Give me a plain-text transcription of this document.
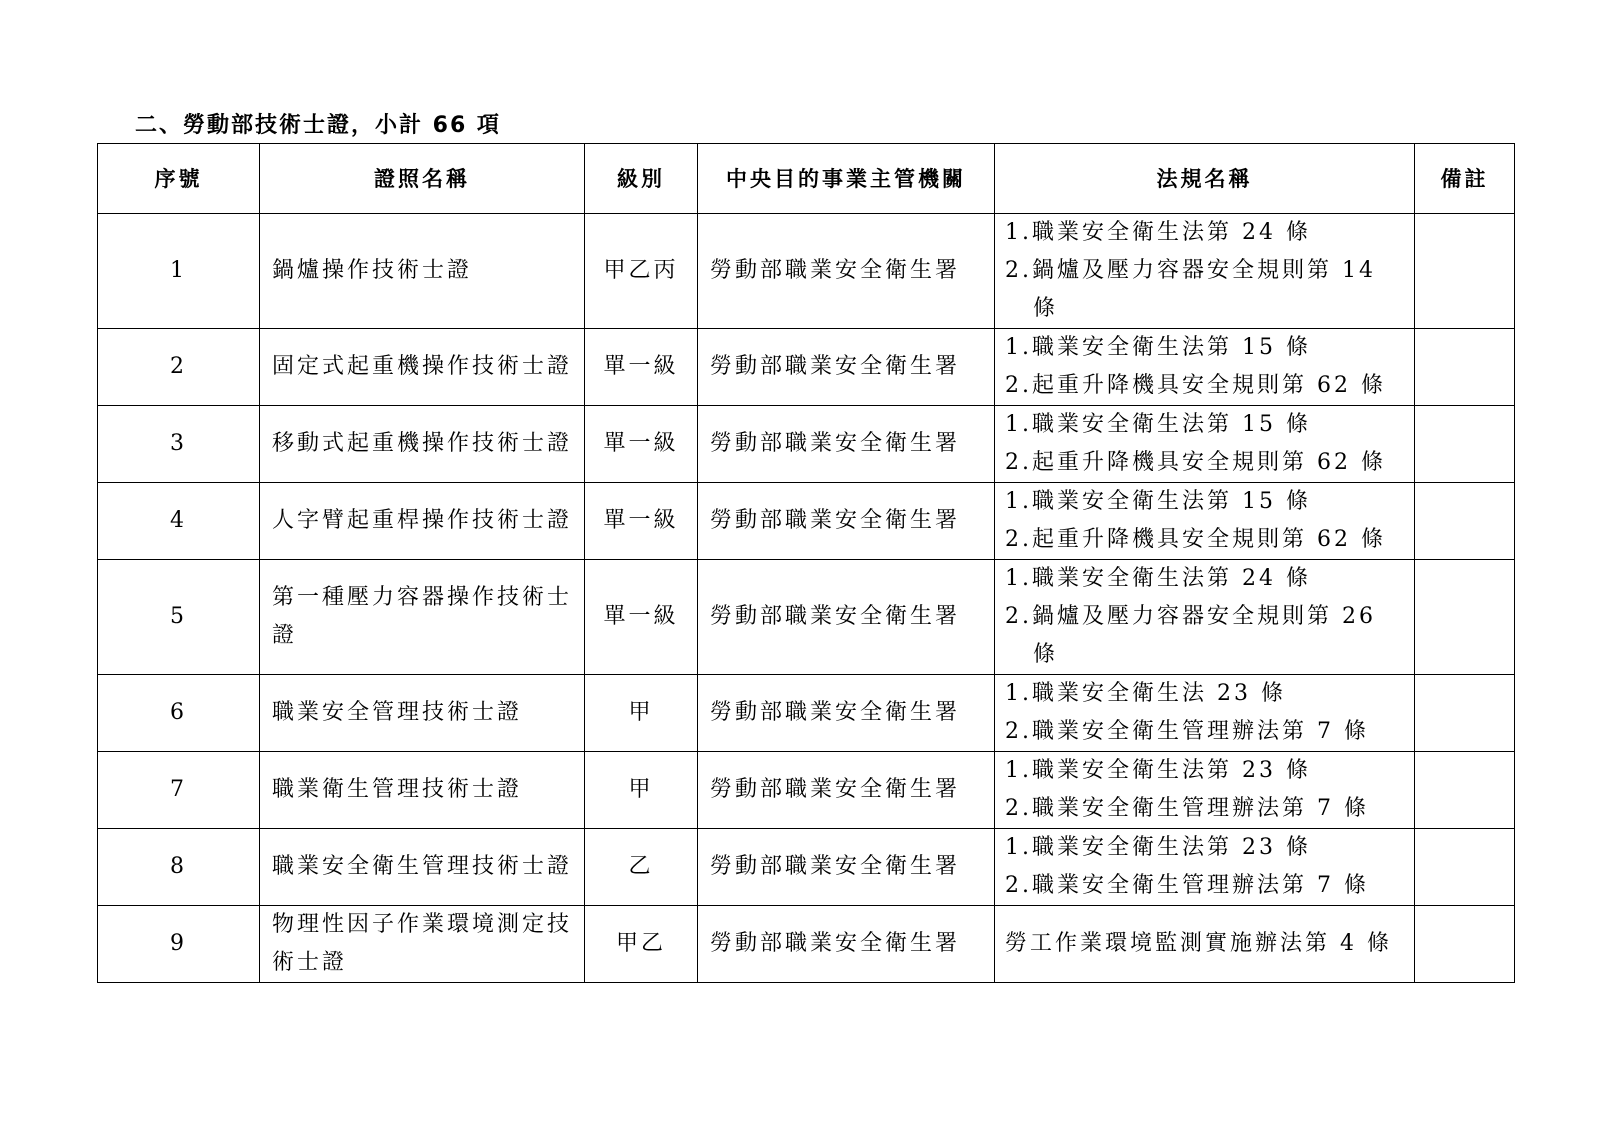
二、勞動部技術士證，小計 66 項
序號	證照名稱	級別	中央目的事業主管機關	法規名稱	備註
1	鍋爐操作技術士證	甲乙丙	勞動部職業安全衛生署	1.職業安全衛生法第 24 條
2.鍋爐及壓力容器安全規則第 14
條	

2	固定式起重機操作技術士證	單一級	勞動部職業安全衛生署	1.職業安全衛生法第 15 條
2.起重升降機具安全規則第 62 條	

3	移動式起重機操作技術士證	單一級	勞動部職業安全衛生署	1.職業安全衛生法第 15 條
2.起重升降機具安全規則第 62 條	

4	人字臂起重桿操作技術士證	單一級	勞動部職業安全衛生署	1.職業安全衛生法第 15 條
2.起重升降機具安全規則第 62 條	

5	第一種壓力容器操作技術士證	單一級	勞動部職業安全衛生署	1.職業安全衛生法第 24 條
2.鍋爐及壓力容器安全規則第 26
條	

6	職業安全管理技術士證	甲	勞動部職業安全衛生署	1.職業安全衛生法 23 條
2.職業安全衛生管理辦法第 7 條	

7	職業衛生管理技術士證	甲	勞動部職業安全衛生署	1.職業安全衛生法第 23 條
2.職業安全衛生管理辦法第 7 條	

8	職業安全衛生管理技術士證	乙	勞動部職業安全衛生署	1.職業安全衛生法第 23 條
2.職業安全衛生管理辦法第 7 條	

9	物理性因子作業環境測定技術士證	甲乙	勞動部職業安全衛生署	勞工作業環境監測實施辦法第 4 條	
